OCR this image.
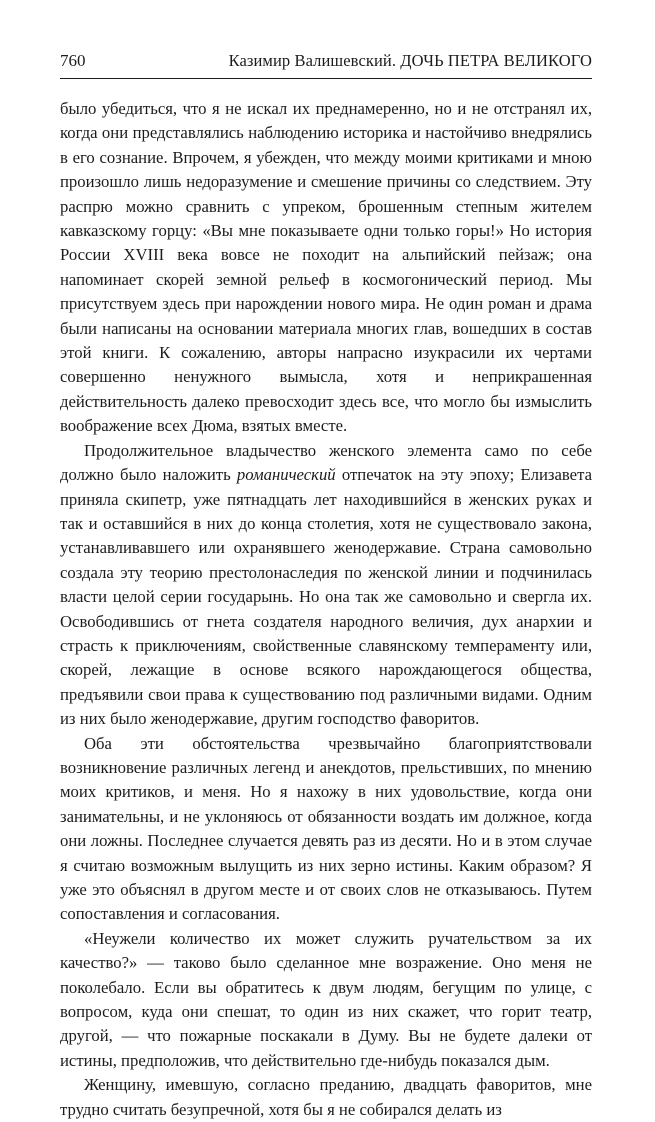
760	Казимир Валишевский. ДОЧЬ ПЕТРА ВЕЛИКОГО

было убедиться, что я не искал их преднамеренно, но и не отстранял их, когда они представлялись наблюдению историка и настойчиво внедрялись в его сознание. Впрочем, я убежден, что между моими критиками и мною произошло лишь недоразумение и смешение причины со следствием. Эту распрю можно сравнить с упреком, брошенным степным жителем кавказскому горцу: «Вы мне показываете одни только горы!» Но история России XVIII века вовсе не походит на альпийский пейзаж; она напоминает скорей земной рельеф в космогонический период. Мы присутствуем здесь при нарождении нового мира. Не один роман и драма были написаны на основании материала многих глав, вошедших в состав этой книги. К сожалению, авторы напрасно изукрасили их чертами совершенно ненужного вымысла, хотя и неприкрашенная действительность далеко превосходит здесь все, что могло бы измыслить воображение всех Дюма, взятых вместе.

Продолжительное владычество женского элемента само по себе должно было наложить романический отпечаток на эту эпоху; Елизавета приняла скипетр, уже пятнадцать лет находившийся в женских руках и так и оставшийся в них до конца столетия, хотя не существовало закона, устанавливавшего или охранявшего женодержавие. Страна самовольно создала эту теорию престолонаследия по женской линии и подчинилась власти целой серии государынь. Но она так же самовольно и свергла их. Освободившись от гнета создателя народного величия, дух анархии и страсть к приключениям, свойственные славянскому темпераменту или, скорей, лежащие в основе всякого нарождающегося общества, предъявили свои права к существованию под различными видами. Одним из них было женодержавие, другим господство фаворитов.

Оба эти обстоятельства чрезвычайно благоприятствовали возникновение различных легенд и анекдотов, прельстивших, по мнению моих критиков, и меня. Но я нахожу в них удовольствие, когда они занимательны, и не уклоняюсь от обязанности воздать им должное, когда они ложны. Последнее случается девять раз из десяти. Но и в этом случае я считаю возможным вылущить из них зерно истины. Каким образом? Я уже это объяснял в другом месте и от своих слов не отказываюсь. Путем сопоставления и согласования.

«Неужели количество их может служить ручательством за их качество?» — таково было сделанное мне возражение. Оно меня не поколебало. Если вы обратитесь к двум людям, бегущим по улице, с вопросом, куда они спешат, то один из них скажет, что горит театр, другой, — что пожарные поскакали в Думу. Вы не будете далеки от истины, предположив, что действительно где-нибудь показался дым.

Женщину, имевшую, согласно преданию, двадцать фаворитов, мне трудно считать безупречной, хотя бы я не собирался делать из
